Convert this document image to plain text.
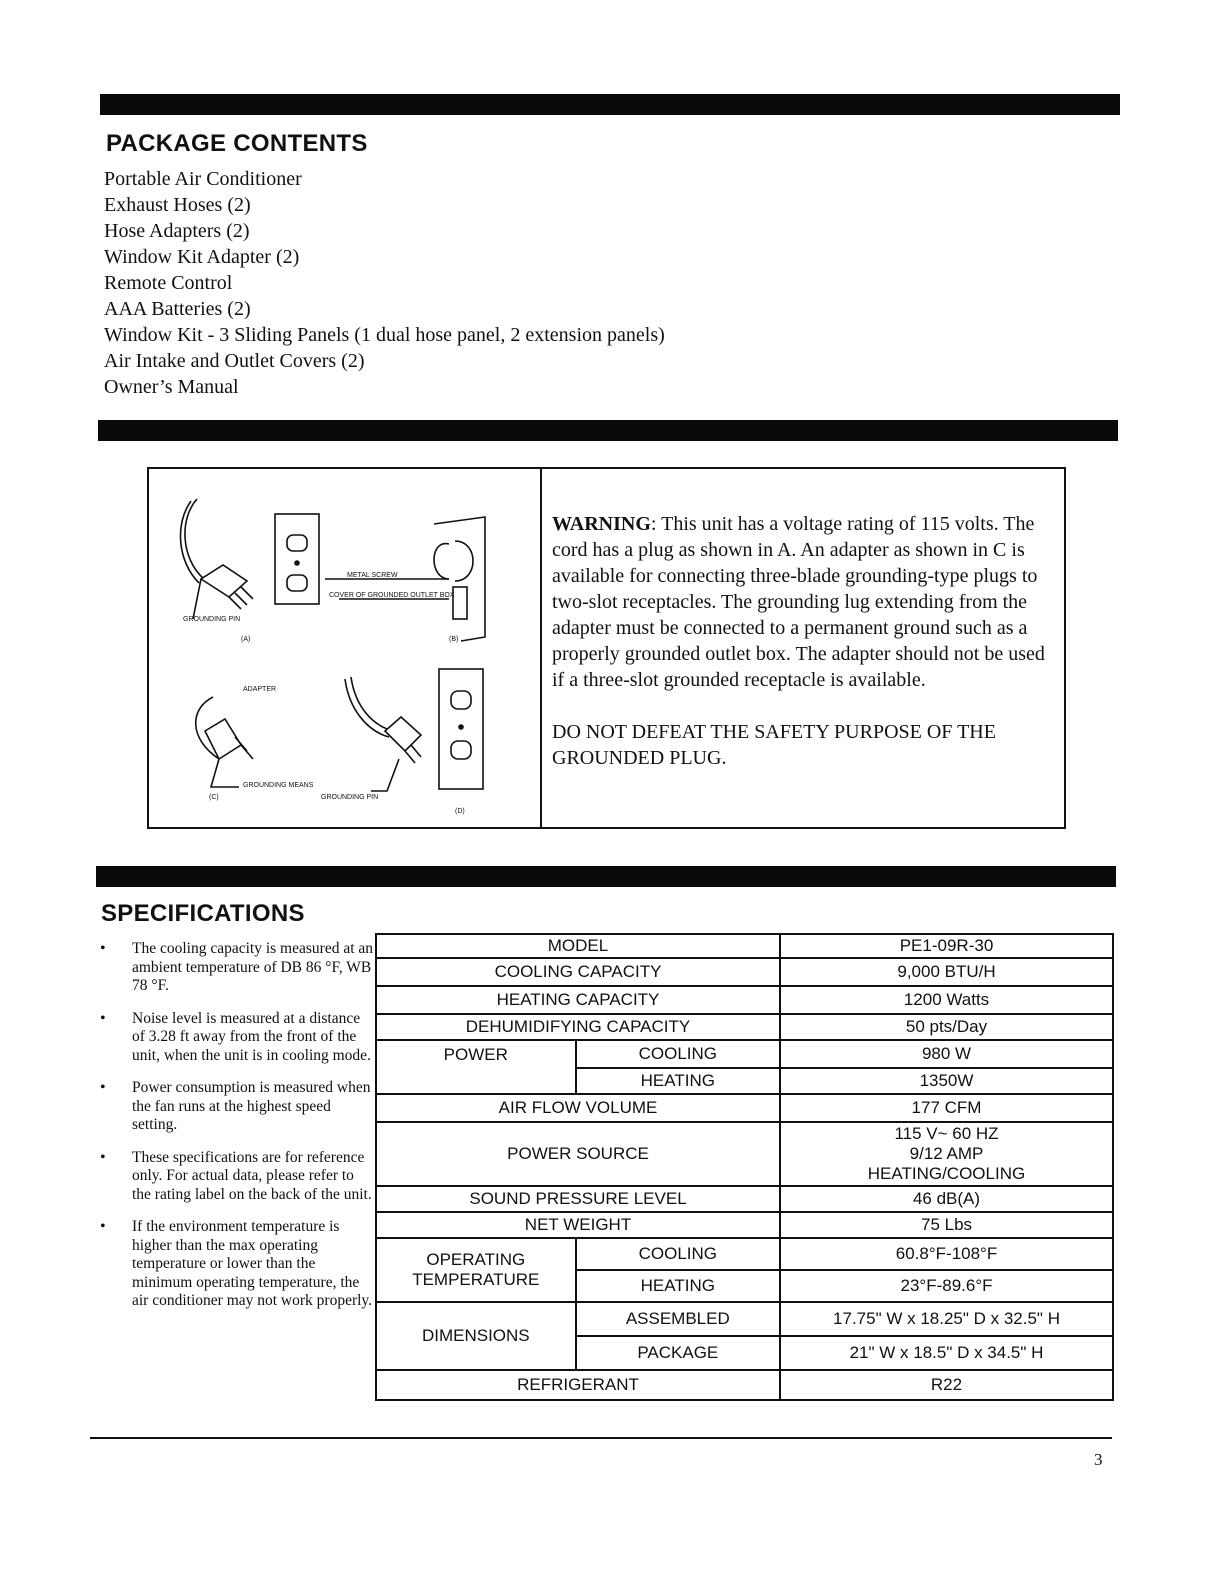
PACKAGE CONTENTS
Portable Air Conditioner
Exhaust Hoses (2)
Hose Adapters (2)
Window Kit Adapter (2)
Remote Control
AAA Batteries (2)
Window Kit - 3 Sliding Panels (1 dual hose panel, 2 extension panels)
Air Intake and Outlet Covers (2)
Owner’s Manual
GROUNDING PIN
(A)	(B)
METAL SCREW
COVER OF GROUNDED OUTLET BOX
ADAPTER
(C)
GROUNDING MEANS
GROUNDING PIN
(D)

WARNING: This unit has a voltage rating of 115 volts. The cord has a plug as shown in A. An adapter as shown in C is available for connecting three-blade grounding-type plugs to two-slot receptacles. The grounding lug extending from the adapter must be connected to a permanent ground such as a properly grounded outlet box. The adapter should not be used if a three-slot grounded receptacle is available.

DO NOT DEFEAT THE SAFETY PURPOSE OF THE GROUNDED PLUG.

SPECIFICATIONS
• The cooling capacity is measured at an ambient temperature of DB 86 °F, WB 78 °F.
• Noise level is measured at a distance of 3.28 ft away from the front of the unit, when the unit is in cooling mode.
• Power consumption is measured when the fan runs at the highest speed setting.
• These specifications are for reference only. For actual data, please refer to the rating label on the back of the unit.
• If the environment temperature is higher than the max operating temperature or lower than the minimum operating temperature, the air conditioner may not work properly.
MODEL		PE1-09R-30
COOLING CAPACITY		9,000 BTU/H
HEATING CAPACITY		1200 Watts
DEHUMIDIFYING CAPACITY		50 pts/Day
POWER	COOLING	980 W
	HEATING	1350W
AIR FLOW VOLUME		177 CFM
POWER SOURCE		115 V~ 60 HZ
9/12 AMP
HEATING/COOLING

SOUND PRESSURE LEVEL		46 dB(A)
NET WEIGHT		75 Lbs

OPERATING
TEMPERATURE	COOLING	60.8°F-108°F
	HEATING	23°F-89.6°F
DIMENSIONS	ASSEMBLED	17.75" W x 18.25" D x 32.5" H
	PACKAGE	21" W x 18.5" D x 34.5" H
REFRIGERANT		R22
3
